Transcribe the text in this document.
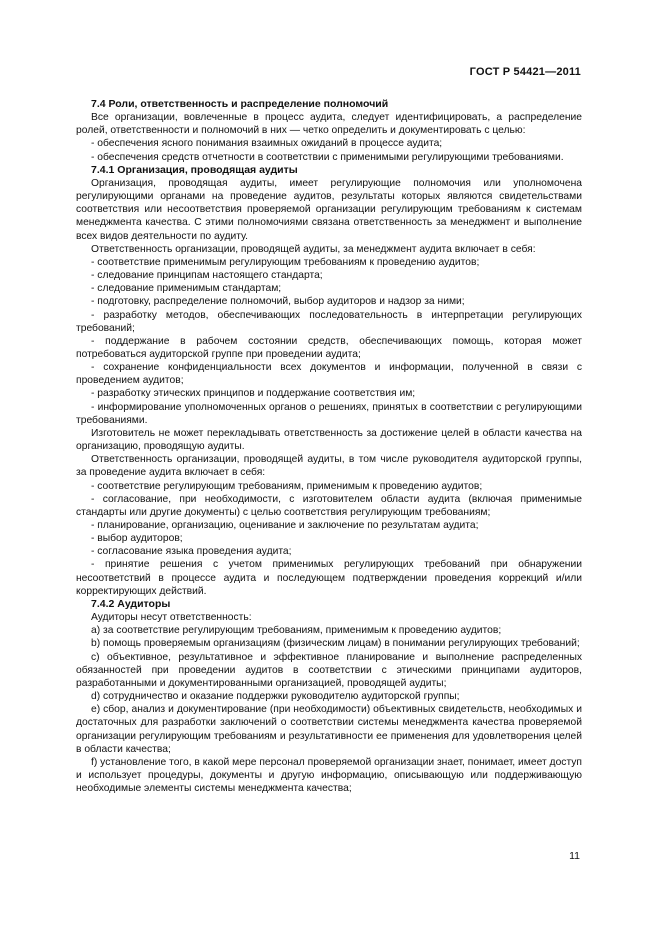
ГОСТ Р 54421—2011

7.4 Роли, ответственность и распределение полномочий

Все организации, вовлеченные в процесс аудита, следует идентифицировать, а распределение ролей, ответственности и полномочий в них — четко определить и документировать с целью:

- обеспечения ясного понимания взаимных ожиданий в процессе аудита;

- обеспечения средств отчетности в соответствии с применимыми регулирующими требованиями.

7.4.1 Организация, проводящая аудиты

Организация, проводящая аудиты, имеет регулирующие полномочия или уполномочена регулирующими органами на проведение аудитов, результаты которых являются свидетельствами соответствия или несоответствия проверяемой организации регулирующим требованиям к системам менеджмента качества. С этими полномочиями связана ответственность за менеджмент и выполнение всех видов деятельности по аудиту.

Ответственность организации, проводящей аудиты, за менеджмент аудита включает в себя:

- соответствие применимым регулирующим требованиям к проведению аудитов;

- следование принципам настоящего стандарта;

- следование применимым стандартам;

- подготовку, распределение полномочий, выбор аудиторов и надзор за ними;

- разработку методов, обеспечивающих последовательность в интерпретации регулирующих требований;

- поддержание в рабочем состоянии средств, обеспечивающих помощь, которая может потребоваться аудиторской группе при проведении аудита;

- сохранение конфиденциальности всех документов и информации, полученной в связи с проведением аудитов;

- разработку этических принципов и поддержание соответствия им;

- информирование уполномоченных органов о решениях, принятых в соответствии с регулирующими требованиями.

Изготовитель не может перекладывать ответственность за достижение целей в области качества на организацию, проводящую аудиты.

Ответственность организации, проводящей аудиты, в том числе руководителя аудиторской группы, за проведение аудита включает в себя:

- соответствие регулирующим требованиям, применимым к проведению аудитов;

- согласование, при необходимости, с изготовителем области аудита (включая применимые стандарты или другие документы) с целью соответствия регулирующим требованиям;

- планирование, организацию, оценивание и заключение по результатам аудита;

- выбор аудиторов;

- согласование языка проведения аудита;

- принятие решения с учетом применимых регулирующих требований при обнаружении несоответствий в процессе аудита и последующем подтверждении проведения коррекций и/или корректирующих действий.

7.4.2 Аудиторы

Аудиторы несут ответственность:

a) за соответствие регулирующим требованиям, применимым к проведению аудитов;

b) помощь проверяемым организациям (физическим лицам) в понимании регулирующих требований;

c) объективное, результативное и эффективное планирование и выполнение распределенных обязанностей при проведении аудитов в соответствии с этическими принципами аудиторов, разработанными и документированными организацией, проводящей аудиты;

d) сотрудничество и оказание поддержки руководителю аудиторской группы;

e) сбор, анализ и документирование (при необходимости) объективных свидетельств, необходимых и достаточных для разработки заключений о соответствии системы менеджмента качества проверяемой организации регулирующим требованиям и результативности ее применения для удовлетворения целей в области качества;

f) установление того, в какой мере персонал проверяемой организации знает, понимает, имеет доступ и использует процедуры, документы и другую информацию, описывающую или поддерживающую необходимые элементы системы менеджмента качества;

11
